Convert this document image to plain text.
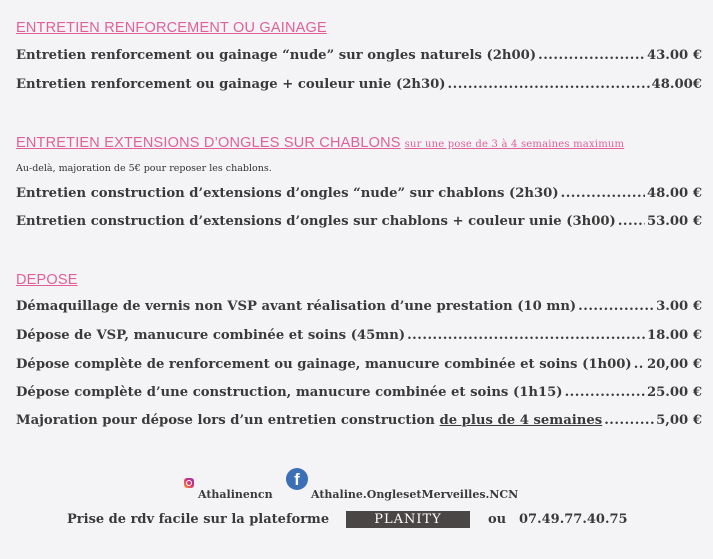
ENTRETIEN RENFORCEMENT OU GAINAGE
Entretien renforcement ou gainage “nude” sur ongles naturels (2h00) .....	43.00 €
Entretien renforcement ou gainage + couleur unie (2h30) .....	48.00€
ENTRETIEN EXTENSIONS D’ONGLES SUR CHABLONS sur une pose de 3 à 4 semaines maximum
Au-delà, majoration de 5€ pour reposer les chablons.
Entretien construction d’extensions d’ongles “nude” sur chablons (2h30) .....	48.00 €
Entretien construction d’extensions d’ongles sur chablons + couleur unie (3h00) ..... 53.00 €
DEPOSE
Démaquillage de vernis non VSP avant réalisation d’une prestation (10 mn) .....	3.00 €
Dépose de VSP, manucure combinée et soins (45mn) .....	18.00 €
Dépose complète de renforcement ou gainage, manucure combinée et soins (1h00) ..... 20,00 €
Dépose complète d’une construction, manucure combinée et soins (1h15) .....	25.00 €
Majoration pour dépose lors d’un entretien construction de plus de 4 semaines .....	5,00 €
Athalinencn
f
Athaline.OnglesetMerveilles.NCN
Prise de rdv facile sur la plateforme	PLANITY	ou 07.49.77.40.75
